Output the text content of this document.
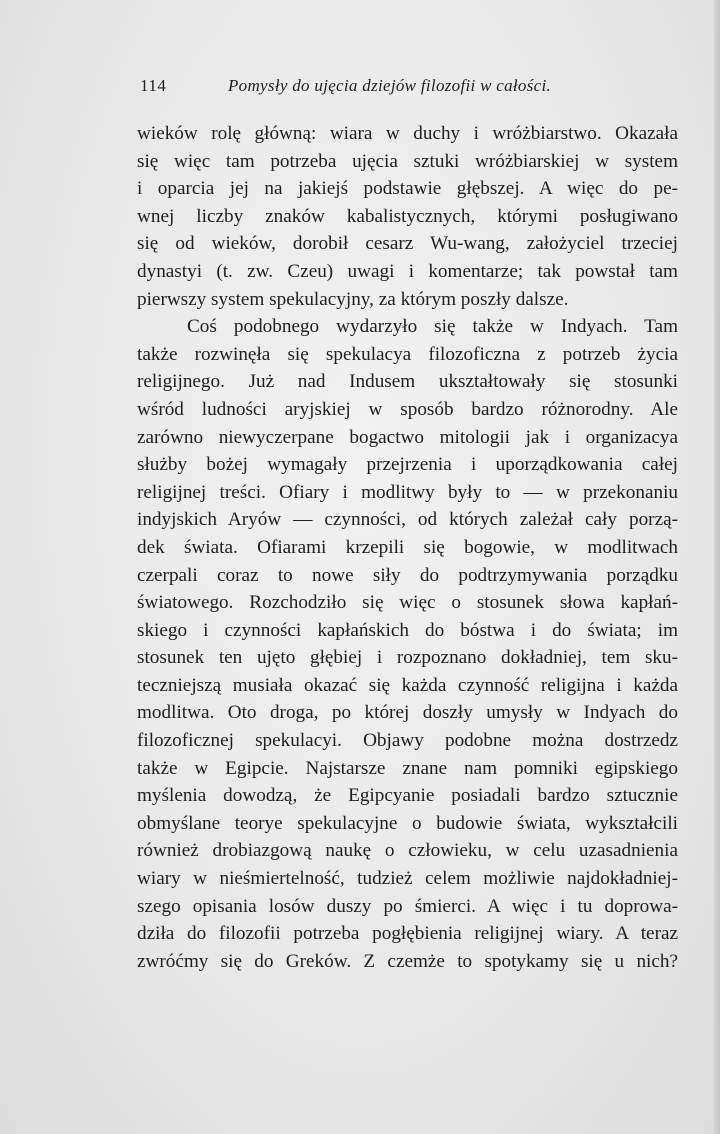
114	Pomysły do ujęcia dziejów filozofii w całości.
wieków rolę główną: wiara w duchy i wróżbiarstwo. Okazała
się więc tam potrzeba ujęcia sztuki wróżbiarskiej w system
i oparcia jej na jakiejś podstawie głębszej. A więc do pe-
wnej liczby znaków kabalistycznych, którymi posługiwano
się od wieków, dorobił cesarz Wu-wang, założyciel trzeciej
dynastyi (t. zw. Czeu) uwagi i komentarze; tak powstał tam
pierwszy system spekulacyjny, za którym poszły dalsze.
Coś podobnego wydarzyło się także w Indyach. Tam
także rozwinęła się spekulacya filozoficzna z potrzeb życia
religijnego. Już nad Indusem ukształtowały się stosunki
wśród ludności aryjskiej w sposób bardzo różnorodny. Ale
zarówno niewyczerpane bogactwo mitologii jak i organizacya
służby bożej wymagały przejrzenia i uporządkowania całej
religijnej treści. Ofiary i modlitwy były to — w przekonaniu
indyjskich Aryów — czynności, od których zależał cały porzą-
dek świata. Ofiarami krzepili się bogowie, w modlitwach
czerpali coraz to nowe siły do podtrzymywania porządku
światowego. Rozchodziło się więc o stosunek słowa kapłań-
skiego i czynności kapłańskich do bóstwa i do świata; im
stosunek ten ujęto głębiej i rozpoznano dokładniej, tem sku-
teczniejszą musiała okazać się każda czynność religijna i każda
modlitwa. Oto droga, po której doszły umysły w Indyach do
filozoficznej spekulacyi. Objawy podobne można dostrzedz
także w Egipcie. Najstarsze znane nam pomniki egipskiego
myślenia dowodzą, że Egipcyanie posiadali bardzo sztucznie
obmyślane teorye spekulacyjne o budowie świata, wykształcili
również drobiazgową naukę o człowieku, w celu uzasadnienia
wiary w nieśmiertelność, tudzież celem możliwie najdokładniej-
szego opisania losów duszy po śmierci. A więc i tu doprowa-
dziła do filozofii potrzeba pogłębienia religijnej wiary. A teraz
zwróćmy się do Greków. Z czemże to spotykamy się u nich?
